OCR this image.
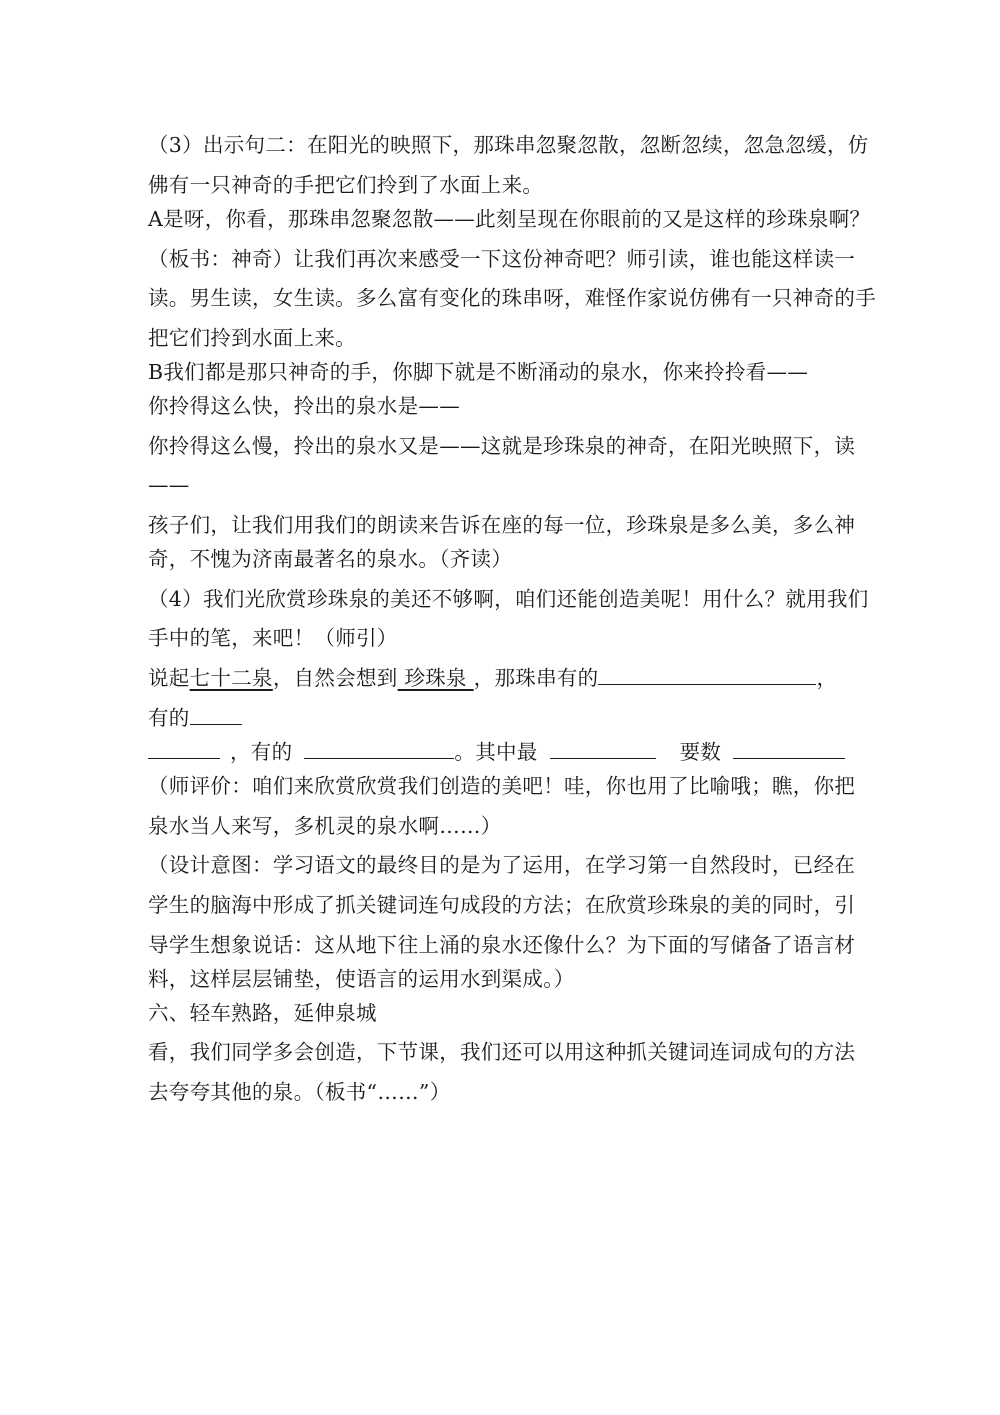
（3）出示句二：在阳光的映照下，那珠串忽聚忽散，忽断忽续，忽急忽缓，仿
佛有一只神奇的手把它们拎到了水面上来。
A是呀，你看，那珠串忽聚忽散——此刻呈现在你眼前的又是这样的珍珠泉啊？
（板书：神奇）让我们再次来感受一下这份神奇吧？师引读，谁也能这样读一
读。男生读，女生读。多么富有变化的珠串呀，难怪作家说仿佛有一只神奇的手
把它们拎到水面上来。
B我们都是那只神奇的手，你脚下就是不断涌动的泉水，你来拎拎看——
你拎得这么快，拎出的泉水是——
你拎得这么慢，拎出的泉水又是——这就是珍珠泉的神奇，在阳光映照下，读
——
孩子们，让我们用我们的朗读来告诉在座的每一位，珍珠泉是多么美，多么神
奇，不愧为济南最著名的泉水。（齐读）
（4）我们光欣赏珍珠泉的美还不够啊，咱们还能创造美呢！用什么？就用我们
手中的笔，来吧！（师引）
说起七十二泉，自然会想到 珍珠泉 ，那珠串有的	，
有的
，有的	。其中最	要数
（师评价：咱们来欣赏欣赏我们创造的美吧！哇，你也用了比喻哦；瞧，你把
泉水当人来写，多机灵的泉水啊……）
（设计意图：学习语文的最终目的是为了运用，在学习第一自然段时，已经在
学生的脑海中形成了抓关键词连句成段的方法；在欣赏珍珠泉的美的同时，引
导学生想象说话：这从地下往上涌的泉水还像什么？为下面的写储备了语言材
料，这样层层铺垫，使语言的运用水到渠成。）
六、轻车熟路，延伸泉城
看，我们同学多会创造，下节课，我们还可以用这种抓关键词连词成句的方法
去夸夸其他的泉。（板书“……”）
